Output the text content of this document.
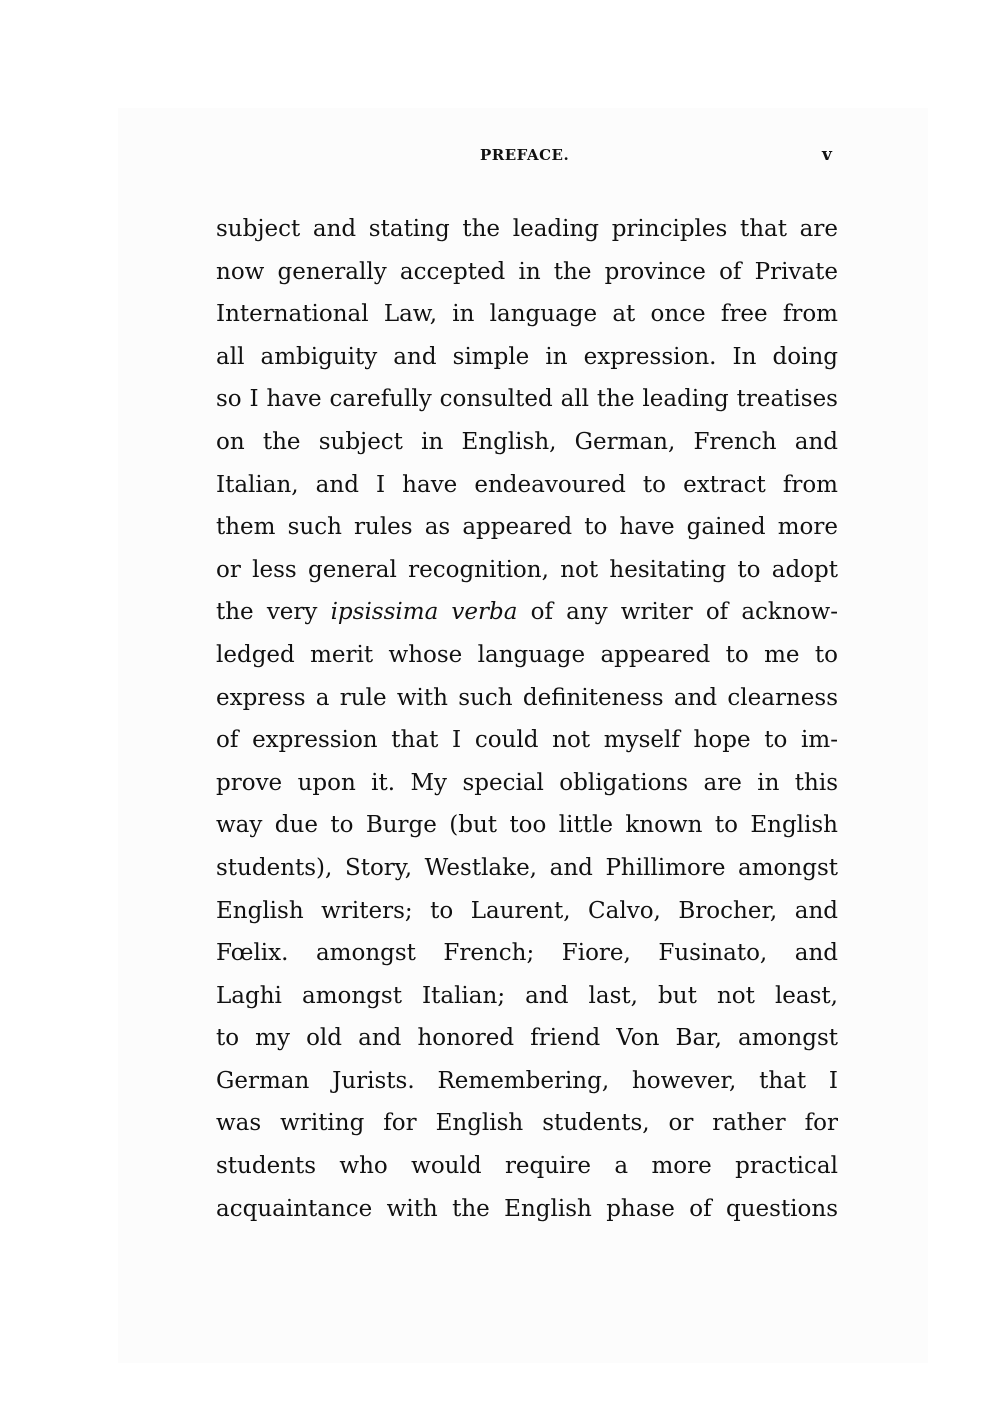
PREFACE.	v
subject and stating the leading principles that are
now generally accepted in the province of Private
International Law, in language at once free from
all ambiguity and simple in expression. In doing
so I have carefully consulted all the leading treatises
on the subject in English, German, French and
Italian, and I have endeavoured to extract from
them such rules as appeared to have gained more
or less general recognition, not hesitating to adopt
the very ipsissima verba of any writer of acknow-
ledged merit whose language appeared to me to
express a rule with such definiteness and clearness
of expression that I could not myself hope to im-
prove upon it. My special obligations are in this
way due to Burge (but too little known to English
students), Story, Westlake, and Phillimore amongst
English writers; to Laurent, Calvo, Brocher, and
Fœlix. amongst French; Fiore, Fusinato, and
Laghi amongst Italian; and last, but not least,
to my old and honored friend Von Bar, amongst
German Jurists. Remembering, however, that I
was writing for English students, or rather for
students who would require a more practical
acquaintance with the English phase of questions
